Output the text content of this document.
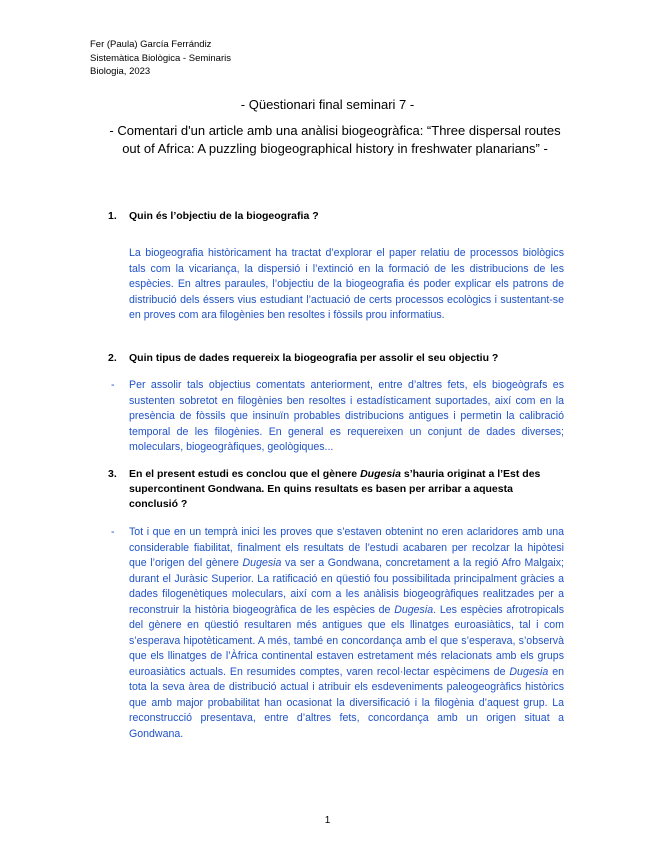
Fer (Paula) García Ferrándiz
Sistemàtica Biològica - Seminaris
Biologia, 2023
- Qüestionari final seminari 7 -
- Comentari d'un article amb una anàlisi biogeogràfica: “Three dispersal routes out of Africa: A puzzling biogeographical history in freshwater planarians” -
1.	Quin és l’objectiu de la biogeografia ?
La biogeografia històricament ha tractat d’explorar el paper relatiu de processos biològics tals com la vicariança, la dispersió i l’extinció en la formació de les distribucions de les espècies. En altres paraules, l’objectiu de la biogeografia és poder explicar els patrons de distribució dels éssers vius estudiant l’actuació de certs processos ecològics i sustentant-se en proves com ara filogènies ben resoltes i fòssils prou informatius.
2.	Quin tipus de dades requereix la biogeografia per assolir el seu objectiu ?
- Per assolir tals objectius comentats anteriorment, entre d’altres fets, els biogeògrafs es sustenten sobretot en filogènies ben resoltes i estadísticament suportades, així com en la presència de fòssils que insinuïn probables distribucions antigues i permetin la calibració temporal de les filogènies. En general es requereixen un conjunt de dades diverses; moleculars, biogeogràfiques, geològiques...
3.	En el present estudi es conclou que el gènere Dugesia s’hauria originat a l’Est des supercontinent Gondwana. En quins resultats es basen per arribar a aquesta conclusió ?
- Tot i que en un temprà inici les proves que s’estaven obtenint no eren aclaridores amb una considerable fiabilitat, finalment els resultats de l’estudi acabaren per recolzar la hipòtesi que l’origen del gènere Dugesia va ser a Gondwana, concretament a la regió Afro Malgaix; durant el Juràsic Superior. La ratificació en qüestió fou possibilitada principalment gràcies a dades filogenètiques moleculars, així com a les anàlisis biogeogràfiques realitzades per a reconstruir la història biogeogràfica de les espècies de Dugesia. Les espècies afrotropicals del gènere en qüestió resultaren més antigues que els llinatges euroasiàtics, tal i com s’esperava hipotèticament. A més, també en concordança amb el que s’esperava, s’observà que els llinatges de l’Àfrica continental estaven estretament més relacionats amb els grups euroasiàtics actuals. En resumides comptes, varen recol·lectar espècimens de Dugesia en tota la seva àrea de distribució actual i atribuir els esdeveniments paleogeogràfics històrics que amb major probabilitat han ocasionat la diversificació i la filogènia d’aquest grup. La reconstrucció presentava, entre d’altres fets, concordança amb un origen situat a Gondwana.
1
